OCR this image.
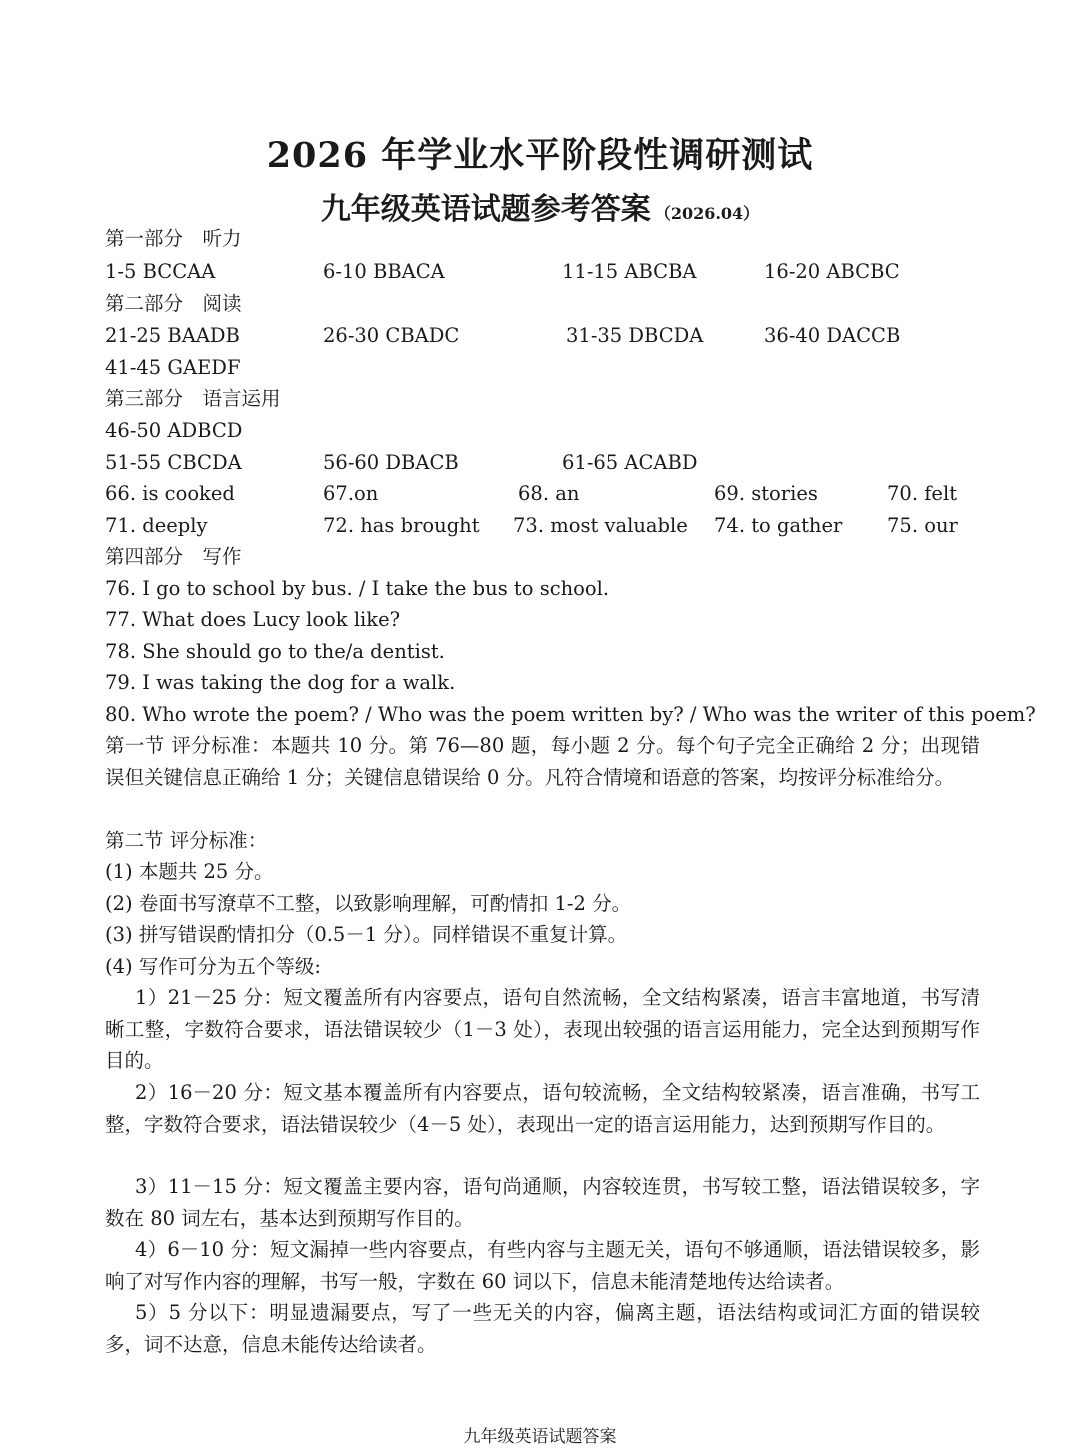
2026 年学业水平阶段性调研测试
九年级英语试题参考答案 （2026.04）
第一部分　听力
1-5 BCCAA	6-10 BBACA	11-15 ABCBA	16-20 ABCBC
第二部分　阅读
21-25 BAADB	26-30 CBADC	31-35 DBCDA	36-40 DACCB
41-45 GAEDF
第三部分　语言运用
46-50 ADBCD
51-55 CBCDA	56-60 DBACB	61-65 ACABD
66. is cooked	67.on	68. an	69. stories	70. felt
71. deeply	72. has brought 73. most valuable 74. to gather 75. our
第四部分　写作
76. I go to school by bus. / I take the bus to school.
77. What does Lucy look like?
78. She should go to the/a dentist.
79. I was taking the dog for a walk.
80. Who wrote the poem? / Who was the poem written by? / Who was the writer of this poem?
第一节 评分标准：本题共 10 分。第 76—80 题，每小题 2 分。每个句子完全正确给 2 分；出现错误但关键信息正确给 1 分；关键信息错误给 0 分。凡符合情境和语意的答案，均按评分标准给分。
第二节 评分标准：
(1) 本题共 25 分。
(2) 卷面书写潦草不工整，以致影响理解，可酌情扣 1-2 分。
(3) 拼写错误酌情扣分（0.5－1 分）。同样错误不重复计算。
(4) 写作可分为五个等级:
1）21－25 分：短文覆盖所有内容要点，语句自然流畅，全文结构紧凑，语言丰富地道，书写清晰工整，字数符合要求，语法错误较少（1－3 处），表现出较强的语言运用能力，完全达到预期写作目的。
2）16－20 分：短文基本覆盖所有内容要点，语句较流畅，全文结构较紧凑，语言准确，书写工整，字数符合要求，语法错误较少（4－5 处），表现出一定的语言运用能力，达到预期写作目的。
3）11－15 分：短文覆盖主要内容，语句尚通顺，内容较连贯，书写较工整，语法错误较多，字数在 80 词左右，基本达到预期写作目的。
4）6－10 分：短文漏掉一些内容要点，有些内容与主题无关，语句不够通顺，语法错误较多，影响了对写作内容的理解，书写一般，字数在 60 词以下，信息未能清楚地传达给读者。
5）5 分以下：明显遗漏要点，写了一些无关的内容，偏离主题，语法结构或词汇方面的错误较多，词不达意，信息未能传达给读者。
九年级英语试题答案
